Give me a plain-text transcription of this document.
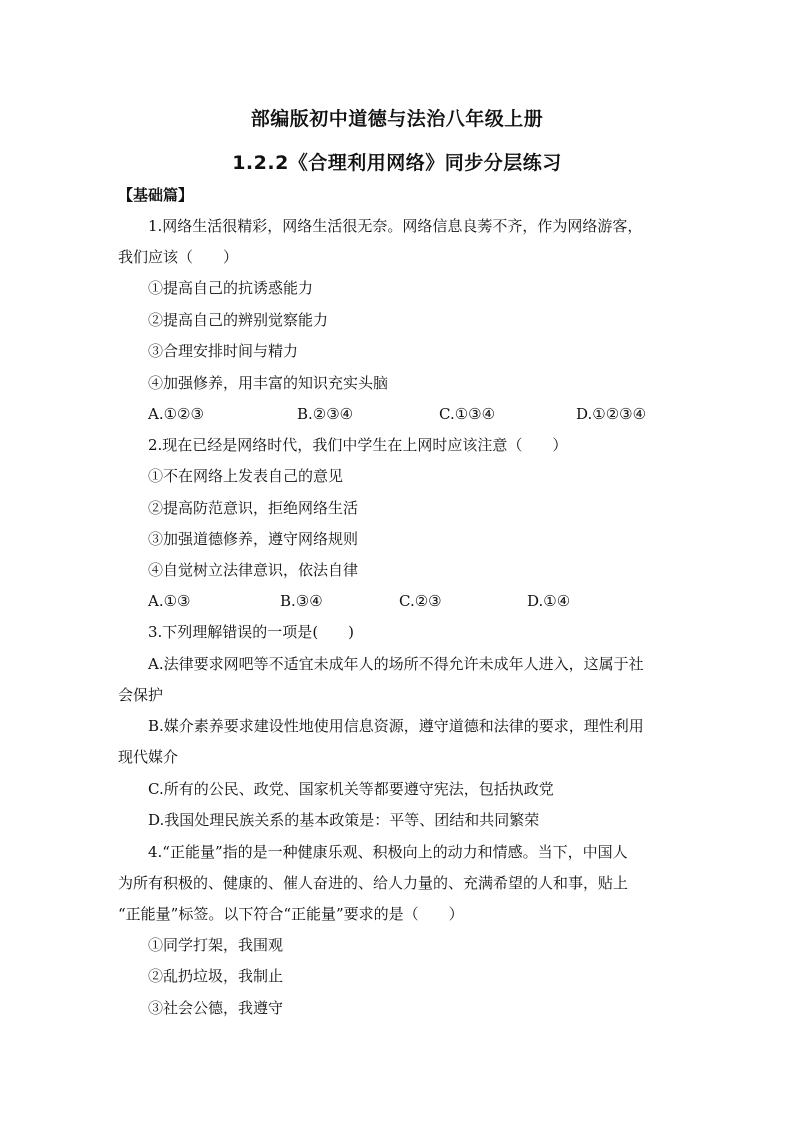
部编版初中道德与法治八年级上册
1.2.2《合理利用网络》同步分层练习
【基础篇】
1.网络生活很精彩，网络生活很无奈。网络信息良莠不齐，作为网络游客，
我们应该（　　）
①提高自己的抗诱惑能力
②提高自己的辨别觉察能力
③合理安排时间与精力
④加强修养，用丰富的知识充实头脑
A.①②③	B.②③④	C.①③④	D.①②③④
2.现在已经是网络时代，我们中学生在上网时应该注意（　　）
①不在网络上发表自己的意见
②提高防范意识，拒绝网络生活
③加强道德修养，遵守网络规则
④自觉树立法律意识，依法自律
A.①③	B.③④	C.②③	D.①④
3.下列理解错误的一项是(　　)
A.法律要求网吧等不适宜未成年人的场所不得允许未成年人进入，这属于社
会保护
B.媒介素养要求建设性地使用信息资源，遵守道德和法律的要求，理性利用
现代媒介
C.所有的公民、政党、国家机关等都要遵守宪法，包括执政党
D.我国处理民族关系的基本政策是：平等、团结和共同繁荣
4.“正能量”指的是一种健康乐观、积极向上的动力和情感。当下，中国人
为所有积极的、健康的、催人奋进的、给人力量的、充满希望的人和事，贴上
“正能量”标签。以下符合“正能量”要求的是（　　）
①同学打架，我围观
②乱扔垃圾，我制止
③社会公德，我遵守
